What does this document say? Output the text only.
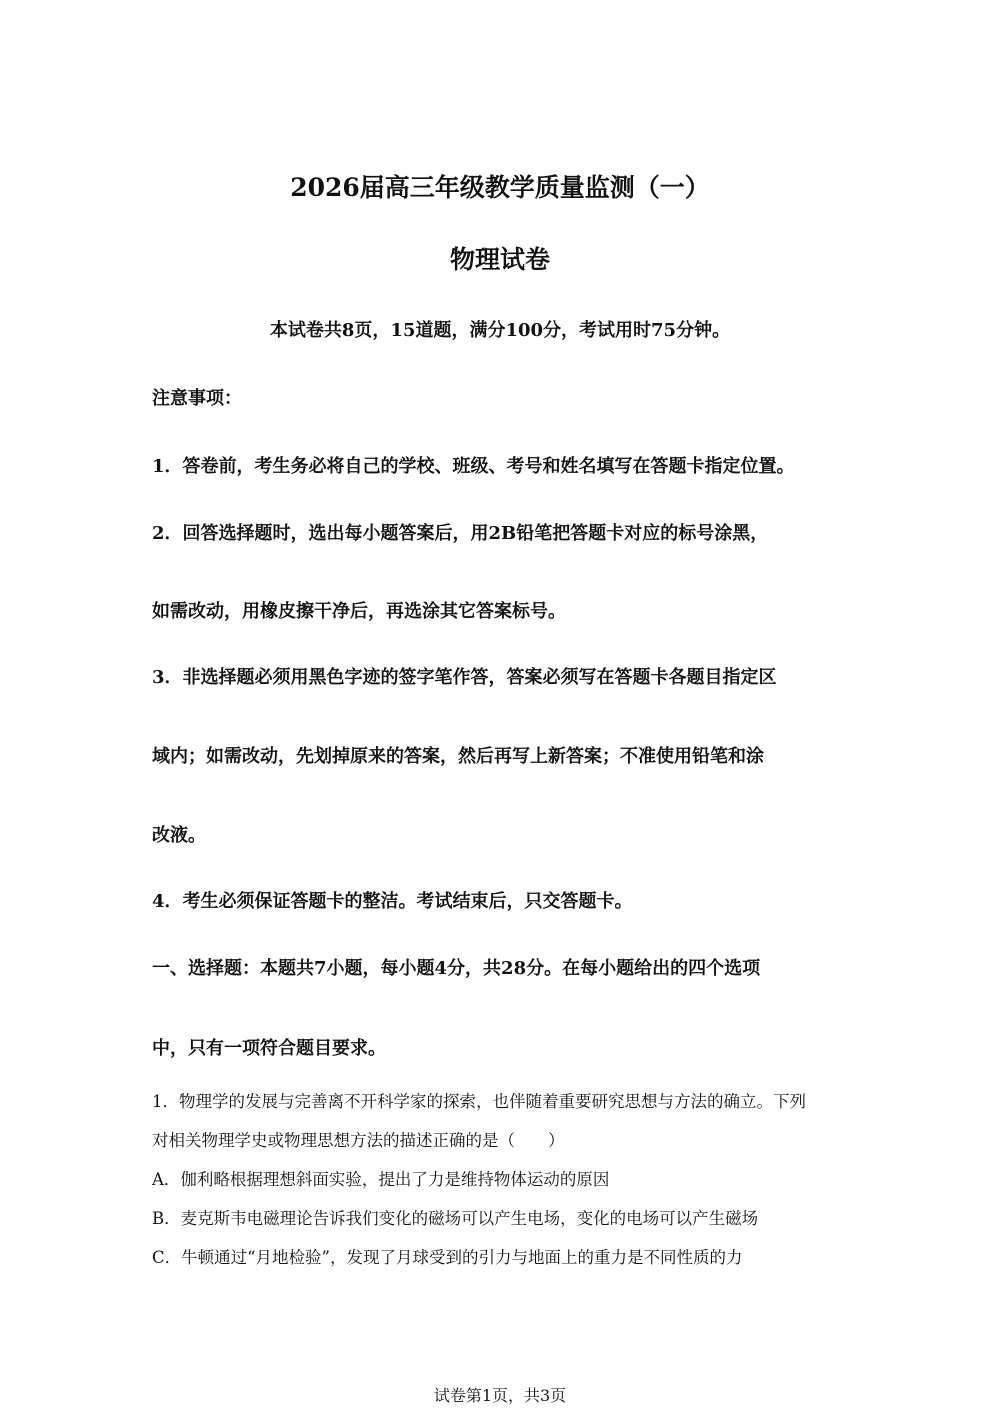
2026届高三年级教学质量监测（一）
物理试卷
本试卷共8页，15道题，满分100分，考试用时75分钟。
注意事项：
1．答卷前，考生务必将自己的学校、班级、考号和姓名填写在答题卡指定位置。
2．回答选择题时，选出每小题答案后，用2B铅笔把答题卡对应的标号涂黑，
如需改动，用橡皮擦干净后，再选涂其它答案标号。
3．非选择题必须用黑色字迹的签字笔作答，答案必须写在答题卡各题目指定区
域内；如需改动，先划掉原来的答案，然后再写上新答案；不准使用铅笔和涂
改液。
4．考生必须保证答题卡的整洁。考试结束后，只交答题卡。
一、选择题：本题共7小题，每小题4分，共28分。在每小题给出的四个选项
中，只有一项符合题目要求。
1．物理学的发展与完善离不开科学家的探索，也伴随着重要研究思想与方法的确立。下列
对相关物理学史或物理思想方法的描述正确的是（　　）
A．伽利略根据理想斜面实验，提出了力是维持物体运动的原因
B．麦克斯韦电磁理论告诉我们变化的磁场可以产生电场，变化的电场可以产生磁场
C．牛顿通过“月地检验”，发现了月球受到的引力与地面上的重力是不同性质的力
试卷第1页，共3页
